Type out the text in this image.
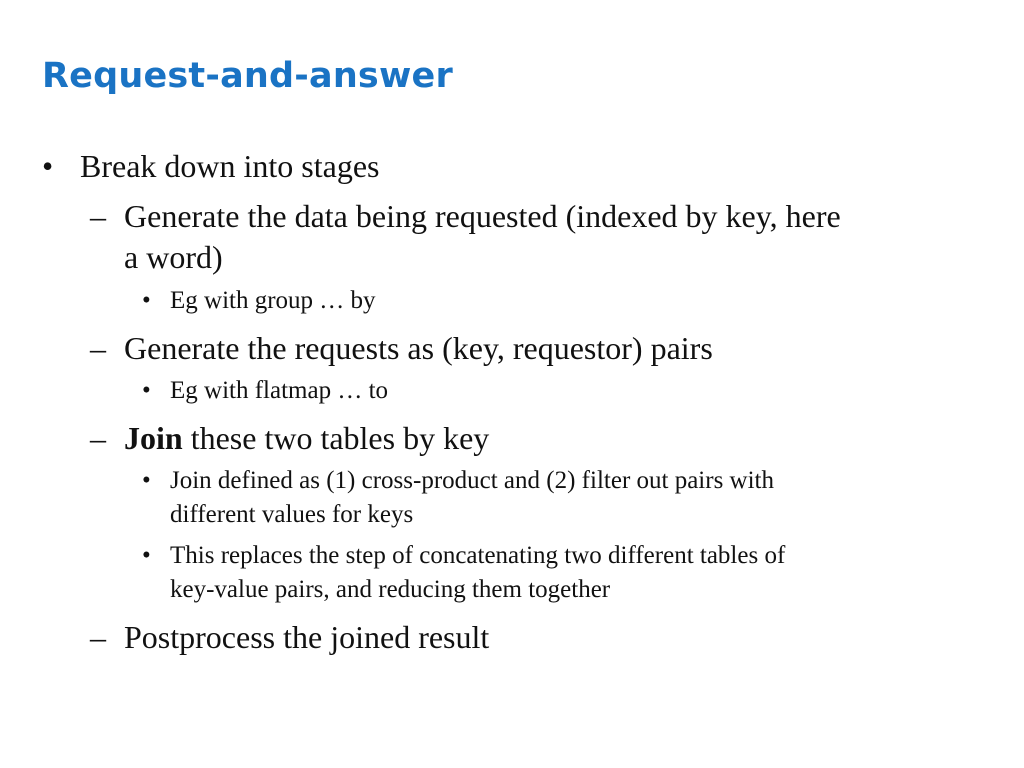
Request-and-answer
• Break down into stages
– Generate the data being requested (indexed by key, here
a word)
• Eg with group … by
– Generate the requests as (key, requestor) pairs
• Eg with flatmap … to
– Join these two tables by key
• Join defined as (1) cross-product and (2) filter out pairs with
different values for keys
• This replaces the step of concatenating two different tables of
key-value pairs, and reducing them together
– Postprocess the joined result
